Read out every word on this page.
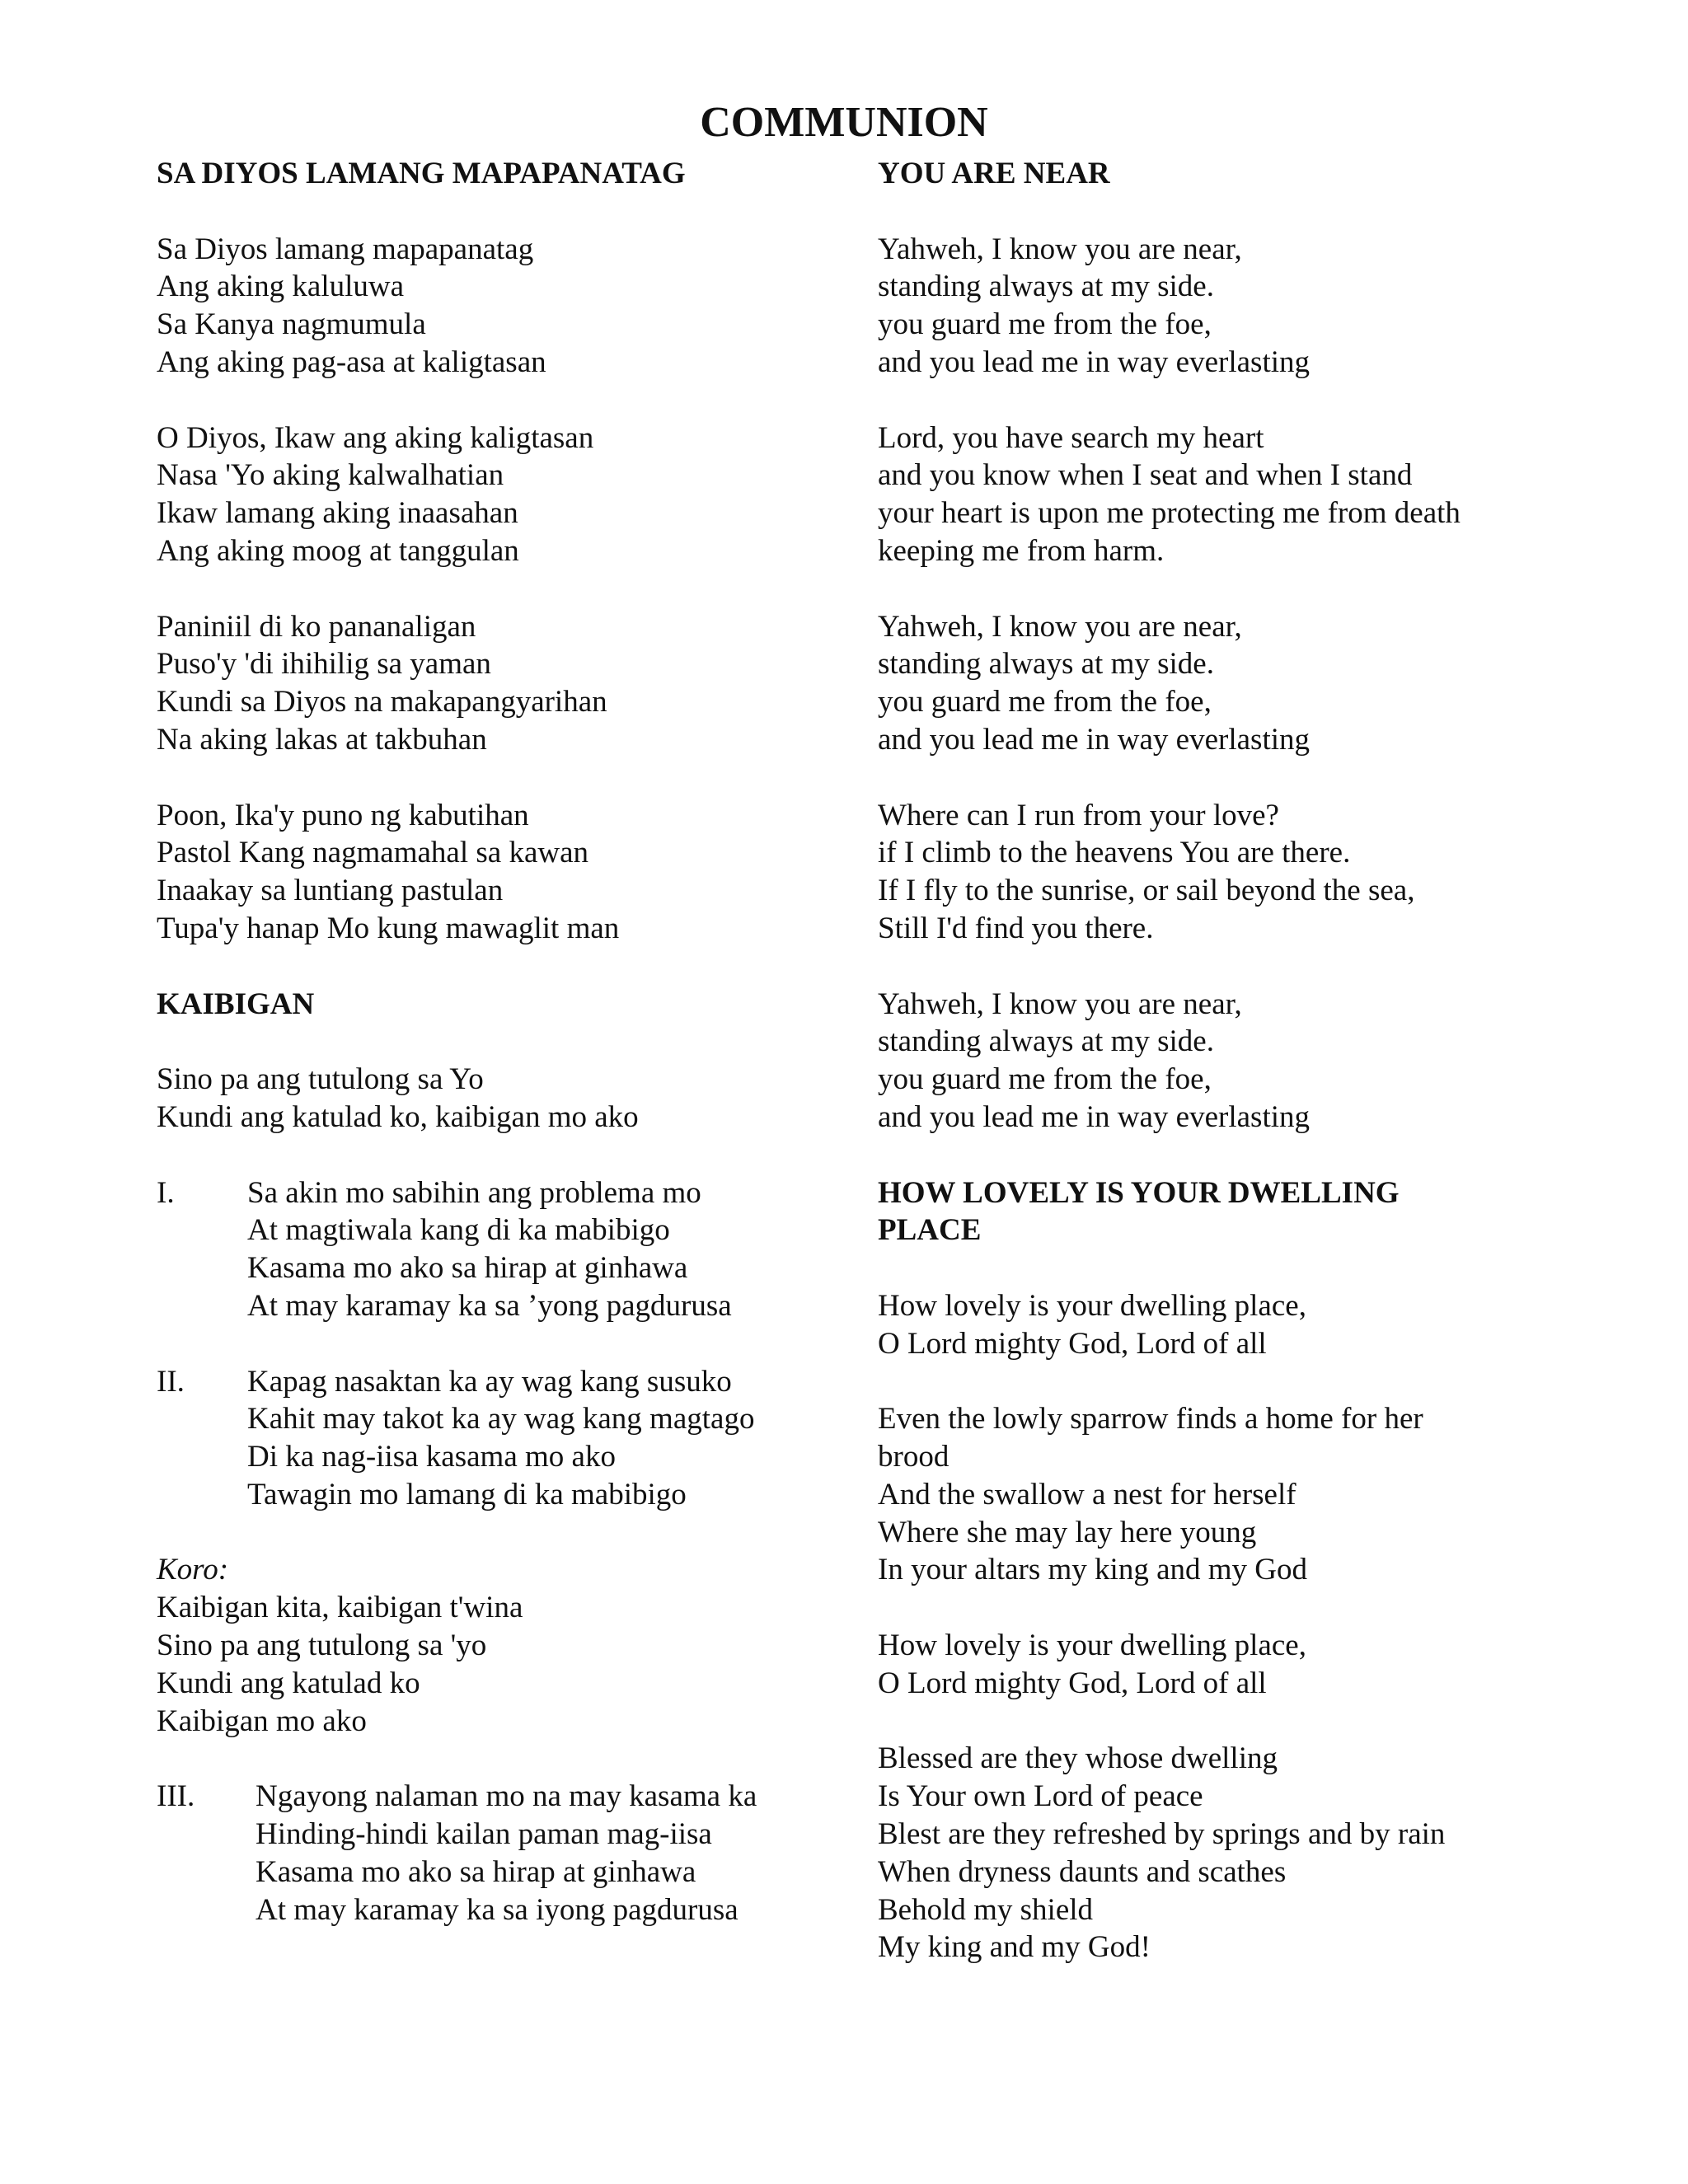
COMMUNION
SA DIYOS LAMANG MAPAPANATAG
Sa Diyos lamang mapapanatag
Ang aking kaluluwa
Sa Kanya nagmumula
Ang aking pag-asa at kaligtasan
O Diyos, Ikaw ang aking kaligtasan
Nasa 'Yo aking kalwalhatian
Ikaw lamang aking inaasahan
Ang aking moog at tanggulan
Paniniil di ko pananaligan
Puso'y 'di ihihilig sa yaman
Kundi sa Diyos na makapangyarihan
Na aking lakas at takbuhan
Poon, Ika'y puno ng kabutihan
Pastol Kang nagmamahal sa kawan
Inaakay sa luntiang pastulan
Tupa'y hanap Mo kung mawaglit man
KAIBIGAN
Sino pa ang tutulong sa Yo
Kundi ang katulad ko, kaibigan mo ako
I. Sa akin mo sabihin ang problema mo
At magtiwala kang di ka mabibigo
Kasama mo ako sa hirap at ginhawa
At may karamay ka sa ’yong pagdurusa
II. Kapag nasaktan ka ay wag kang susuko
Kahit may takot ka ay wag kang magtago
Di ka nag-iisa kasama mo ako
Tawagin mo lamang di ka mabibigo
Koro:
Kaibigan kita, kaibigan t'wina
Sino pa ang tutulong sa 'yo
Kundi ang katulad ko
Kaibigan mo ako
III. Ngayong nalaman mo na may kasama ka
Hinding-hindi kailan paman mag-iisa
Kasama mo ako sa hirap at ginhawa
At may karamay ka sa iyong pagdurusa
YOU ARE NEAR
Yahweh, I know you are near,
standing always at my side.
you guard me from the foe,
and you lead me in way everlasting
Lord, you have search my heart
and you know when I seat and when I stand
your heart is upon me protecting me from death
keeping me from harm.
Yahweh, I know you are near,
standing always at my side.
you guard me from the foe,
and you lead me in way everlasting
Where can I run from your love?
if I climb to the heavens You are there.
If I fly to the sunrise, or sail beyond the sea,
Still I'd find you there.
Yahweh, I know you are near,
standing always at my side.
you guard me from the foe,
and you lead me in way everlasting
HOW LOVELY IS YOUR DWELLING
PLACE
How lovely is your dwelling place,
O Lord mighty God, Lord of all
Even the lowly sparrow finds a home for her
brood
And the swallow a nest for herself
Where she may lay here young
In your altars my king and my God
How lovely is your dwelling place,
O Lord mighty God, Lord of all
Blessed are they whose dwelling
Is Your own Lord of peace
Blest are they refreshed by springs and by rain
When dryness daunts and scathes
Behold my shield
My king and my God!
